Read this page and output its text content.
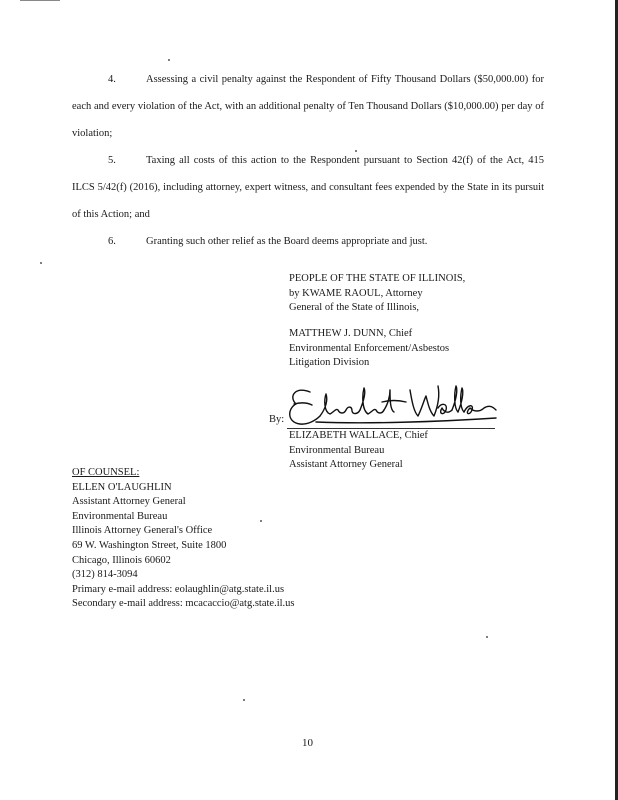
4.	Assessing a civil penalty against the Respondent of Fifty Thousand Dollars ($50,000.00) for each and every violation of the Act, with an additional penalty of Ten Thousand Dollars ($10,000.00) per day of violation;
5.	Taxing all costs of this action to the Respondent pursuant to Section 42(f) of the Act, 415 ILCS 5/42(f) (2016), including attorney, expert witness, and consultant fees expended by the State in its pursuit of this Action; and
6.	Granting such other relief as the Board deems appropriate and just.
PEOPLE OF THE STATE OF ILLINOIS,
by KWAME RAOUL, Attorney
General of the State of Illinois,
MATTHEW J. DUNN, Chief
Environmental Enforcement/Asbestos
Litigation Division
By:
ELIZABETH WALLACE, Chief
Environmental Bureau
Assistant Attorney General
OF COUNSEL:
ELLEN O'LAUGHLIN
Assistant Attorney General
Environmental Bureau
Illinois Attorney General's Office
69 W. Washington Street, Suite 1800
Chicago, Illinois 60602
(312) 814-3094
Primary e-mail address: eolaughlin@atg.state.il.us
Secondary e-mail address: mcacaccio@atg.state.il.us
10
